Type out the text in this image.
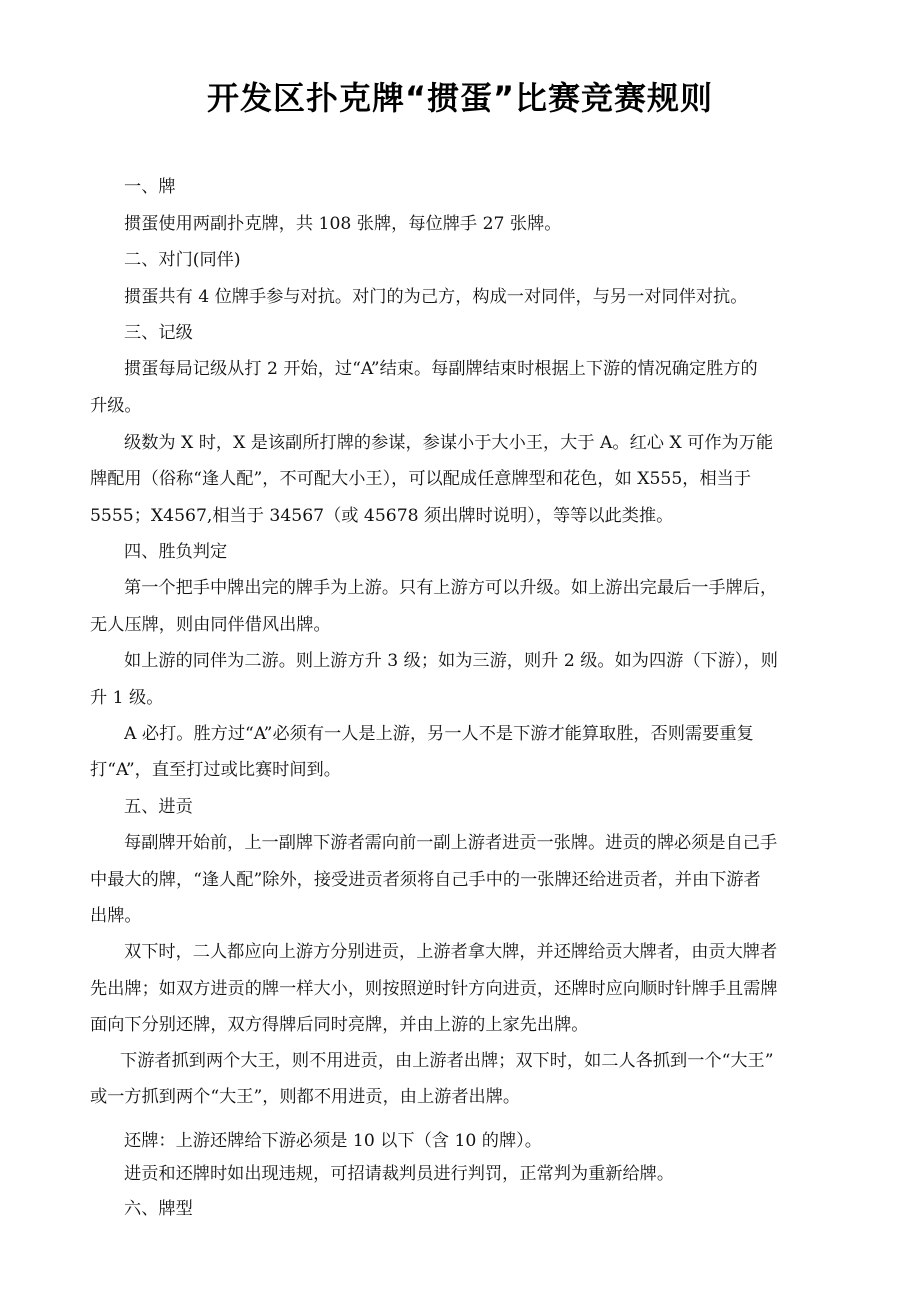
开发区扑克牌“掼蛋”比赛竞赛规则
一、牌
掼蛋使用两副扑克牌，共 108 张牌，每位牌手 27 张牌。
二、对门(同伴)
掼蛋共有 4 位牌手参与对抗。对门的为己方，构成一对同伴，与另一对同伴对抗。
三、记级
掼蛋每局记级从打 2 开始，过“A”结束。每副牌结束时根据上下游的情况确定胜方的
升级。
级数为 X 时，X 是该副所打牌的参谋，参谋小于大小王，大于 A。红心 X 可作为万能
牌配用（俗称“逢人配”，不可配大小王），可以配成任意牌型和花色，如 X555，相当于
5555；X4567,相当于 34567（或 45678 须出牌时说明），等等以此类推。
四、胜负判定
第一个把手中牌出完的牌手为上游。只有上游方可以升级。如上游出完最后一手牌后，
无人压牌，则由同伴借风出牌。
如上游的同伴为二游。则上游方升 3 级；如为三游，则升 2 级。如为四游（下游），则
升 1 级。
A 必打。胜方过“A”必须有一人是上游，另一人不是下游才能算取胜，否则需要重复
打“A”，直至打过或比赛时间到。
五、进贡
每副牌开始前，上一副牌下游者需向前一副上游者进贡一张牌。进贡的牌必须是自己手
中最大的牌，“逢人配”除外，接受进贡者须将自己手中的一张牌还给进贡者，并由下游者
出牌。
双下时，二人都应向上游方分别进贡，上游者拿大牌，并还牌给贡大牌者，由贡大牌者
先出牌；如双方进贡的牌一样大小，则按照逆时针方向进贡，还牌时应向顺时针牌手且需牌
面向下分别还牌，双方得牌后同时亮牌，并由上游的上家先出牌。
下游者抓到两个大王，则不用进贡，由上游者出牌；双下时，如二人各抓到一个“大王”
或一方抓到两个“大王”，则都不用进贡，由上游者出牌。
还牌：上游还牌给下游必须是 10 以下（含 10 的牌）。
进贡和还牌时如出现违规，可招请裁判员进行判罚，正常判为重新给牌。
六、牌型
